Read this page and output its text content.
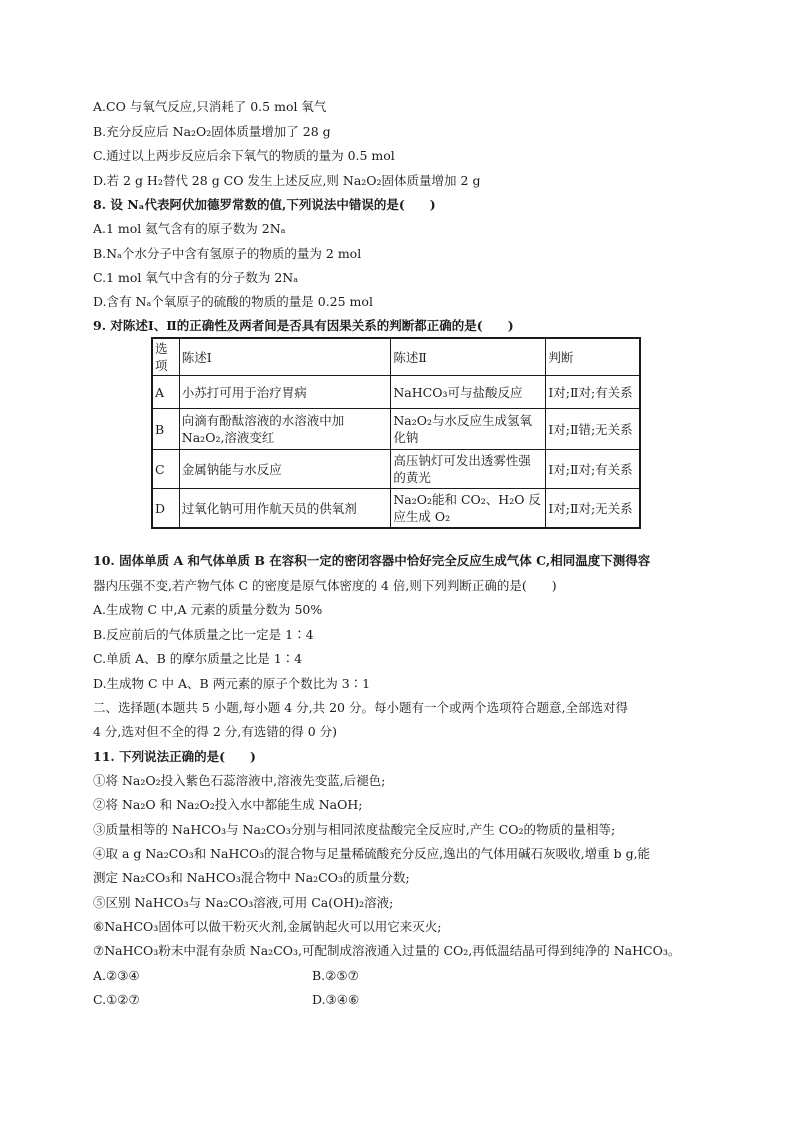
A.CO 与氧气反应,只消耗了 0.5 mol 氧气
B.充分反应后 Na₂O₂固体质量增加了 28 g
C.通过以上两步反应后余下氧气的物质的量为 0.5 mol
D.若 2 g H₂替代 28 g CO 发生上述反应,则 Na₂O₂固体质量增加 2 g
8. 设 Nₐ代表阿伏加德罗常数的值,下列说法中错误的是(　　)
A.1 mol 氦气含有的原子数为 2Nₐ
B.Nₐ个水分子中含有氢原子的物质的量为 2 mol
C.1 mol 氧气中含有的分子数为 2Nₐ
D.含有 Nₐ个氧原子的硫酸的物质的量是 0.25 mol
9. 对陈述Ⅰ、Ⅱ的正确性及两者间是否具有因果关系的判断都正确的是(　　)
选项	陈述Ⅰ	陈述Ⅱ	判断
A	小苏打可用于治疗胃病	NaHCO₃可与盐酸反应	Ⅰ对;Ⅱ对;有关系
B	向滴有酚酞溶液的水溶液中加 Na₂O₂,溶液变红	Na₂O₂与水反应生成氢氧化钠	Ⅰ对;Ⅱ错;无关系
C	金属钠能与水反应	高压钠灯可发出透雾性强的黄光	Ⅰ对;Ⅱ对;有关系
D	过氧化钠可用作航天员的供氧剂	Na₂O₂能和 CO₂、H₂O 反应生成 O₂	Ⅰ对;Ⅱ对;无关系
10. 固体单质 A 和气体单质 B 在容积一定的密闭容器中恰好完全反应生成气体 C,相同温度下测得容
器内压强不变,若产物气体 C 的密度是原气体密度的 4 倍,则下列判断正确的是(　　)
A.生成物 C 中,A 元素的质量分数为 50%
B.反应前后的气体质量之比一定是 1∶4
C.单质 A、B 的摩尔质量之比是 1∶4
D.生成物 C 中 A、B 两元素的原子个数比为 3∶1
二、选择题(本题共 5 小题,每小题 4 分,共 20 分。每小题有一个或两个选项符合题意,全部选对得
4 分,选对但不全的得 2 分,有选错的得 0 分)
11. 下列说法正确的是(　　)
①将 Na₂O₂投入紫色石蕊溶液中,溶液先变蓝,后褪色;
②将 Na₂O 和 Na₂O₂投入水中都能生成 NaOH;
③质量相等的 NaHCO₃与 Na₂CO₃分别与相同浓度盐酸完全反应时,产生 CO₂的物质的量相等;
④取 a g Na₂CO₃和 NaHCO₃的混合物与足量稀硫酸充分反应,逸出的气体用碱石灰吸收,增重 b g,能
测定 Na₂CO₃和 NaHCO₃混合物中 Na₂CO₃的质量分数;
⑤区别 NaHCO₃与 Na₂CO₃溶液,可用 Ca(OH)₂溶液;
⑥NaHCO₃固体可以做干粉灭火剂,金属钠起火可以用它来灭火;
⑦NaHCO₃粉末中混有杂质 Na₂CO₃,可配制成溶液通入过量的 CO₂,再低温结晶可得到纯净的 NaHCO₃。
A.②③④	B.②⑤⑦
C.①②⑦	D.③④⑥
